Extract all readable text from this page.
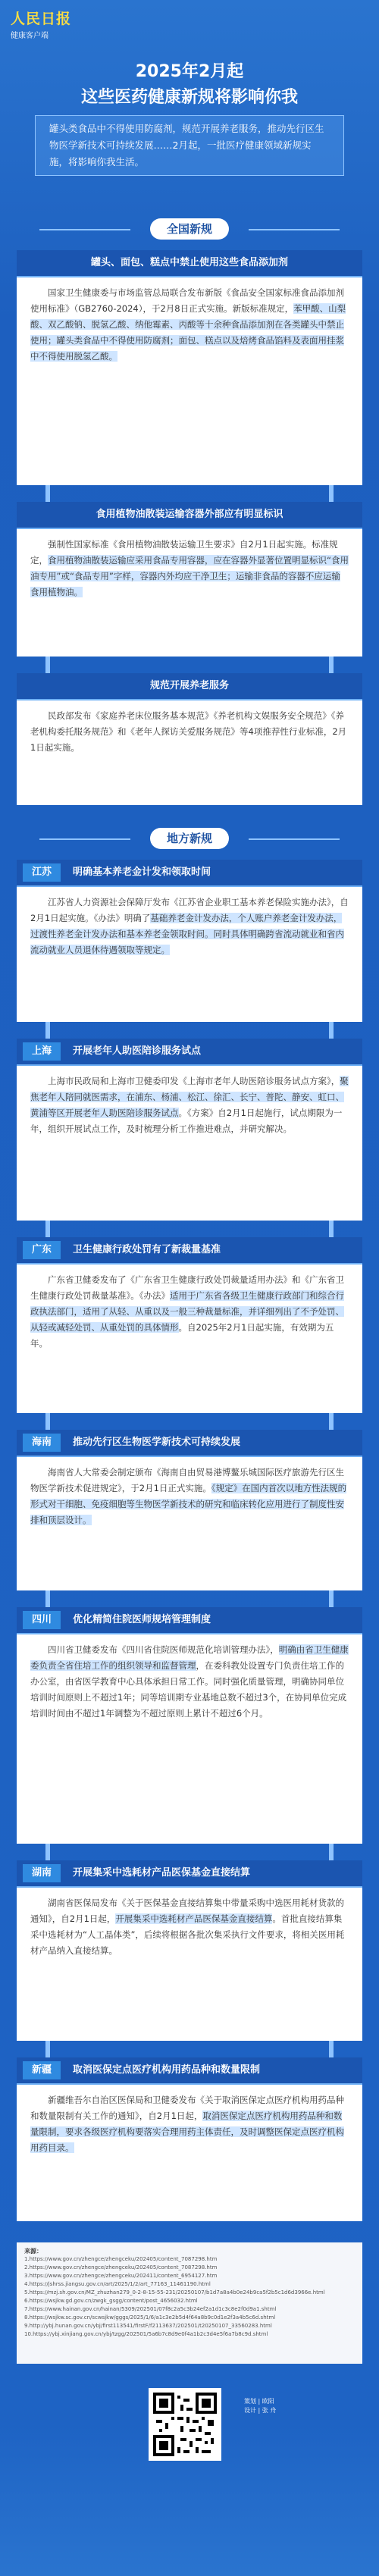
人民日报
健康客户端
2025年2月起
这些医药健康新规将影响你我
罐头类食品中不得使用防腐剂，规范开展养老服务，推动先行区生物医学新技术可持续发展……2月起，一批医疗健康领域新规实施，将影响你我生活。
全国新规
罐头、面包、糕点中禁止使用这些食品添加剂
国家卫生健康委与市场监管总局联合发布新版《食品安全国家标准食品添加剂使用标准》（GB2760-2024），于2月8日正式实施。新版标准规定，苯甲酸、山梨酸、双乙酸钠、脱氢乙酸、纳他霉素、丙酸等十余种食品添加剂在各类罐头中禁止使用；罐头类食品中不得使用防腐剂；面包、糕点以及焙烤食品馅料及表面用挂浆中不得使用脱氢乙酸。
食用植物油散装运输容器外部应有明显标识
强制性国家标准《食用植物油散装运输卫生要求》自2月1日起实施。标准规定，食用植物油散装运输应采用食品专用容器，应在容器外显著位置明显标识“食用油专用”或“食品专用”字样，容器内外均应干净卫生；运输非食品的容器不应运输食用植物油。
规范开展养老服务
民政部发布《家庭养老床位服务基本规范》《养老机构文娱服务安全规范》《养老机构委托服务规范》和《老年人探访关爱服务规范》等4项推荐性行业标准，2月1日起实施。
地方新规
江苏	明确基本养老金计发和领取时间
江苏省人力资源社会保障厅发布《江苏省企业职工基本养老保险实施办法》，自2月1日起实施。《办法》明确了基础养老金计发办法，个人账户养老金计发办法，过渡性养老金计发办法和基本养老金领取时间。同时具体明确跨省流动就业和省内流动就业人员退休待遇领取等规定。
上海	开展老年人助医陪诊服务试点
上海市民政局和上海市卫健委印发《上海市老年人助医陪诊服务试点方案》，聚焦老年人陪同就医需求，在浦东、杨浦、松江、徐汇、长宁、普陀、静安、虹口、黄浦等区开展老年人助医陪诊服务试点。《方案》自2月1日起施行，试点期限为一年，组织开展试点工作，及时梳理分析工作推进难点，并研究解决。
广东	卫生健康行政处罚有了新裁量基准
广东省卫健委发布了《广东省卫生健康行政处罚裁量适用办法》和《广东省卫生健康行政处罚裁量基准》。《办法》适用于广东省各级卫生健康行政部门和综合行政执法部门，适用了从轻、从重以及一般三种裁量标准，并详细列出了不予处罚、从轻或减轻处罚、从重处罚的具体情形。自2025年2月1日起实施，有效期为五年。
海南	推动先行区生物医学新技术可持续发展
海南省人大常委会制定颁布《海南自由贸易港博鳌乐城国际医疗旅游先行区生物医学新技术促进规定》，于2月1日正式实施。《规定》在国内首次以地方性法规的形式对干细胞、免疫细胞等生物医学新技术的研究和临床转化应用进行了制度性安排和顶层设计。
四川	优化精简住院医师规培管理制度
四川省卫健委发布《四川省住院医师规范化培训管理办法》，明确由省卫生健康委负责全省住培工作的组织领导和监督管理，在委科教处设置专门负责住培工作的办公室，由省医学教育中心具体承担日常工作。同时强化质量管理，明确协同单位培训时间原则上不超过1年；同等培训期专业基地总数不超过3个，在协同单位完成培训时间由不超过1年调整为不超过原则上累计不超过6个月。
湖南	开展集采中选耗材产品医保基金直接结算
湖南省医保局发布《关于医保基金直接结算集中带量采购中选医用耗材货款的通知》，自2月1日起，开展集采中选耗材产品医保基金直接结算。首批直接结算集采中选耗材为“人工晶体类”，后续将根据各批次集采执行文件要求，将相关医用耗材产品纳入直接结算。
新疆	取消医保定点医疗机构用药品种和数量限制
新疆维吾尔自治区医保局和卫健委发布《关于取消医保定点医疗机构用药品种和数量限制有关工作的通知》，自2月1日起，取消医保定点医疗机构用药品种和数量限制，要求各级医疗机构要落实合理用药主体责任，及时调整医保定点医疗机构用药目录。
来源：
1.https://www.gov.cn/zhengce/zhengceku/202405/content_7087298.htm
2.https://www.gov.cn/zhengce/zhengceku/202405/content_7087298.htm
3.https://www.gov.cn/zhengce/zhengceku/202411/content_6954127.htm
4.https://jshrss.jiangsu.gov.cn/art/2025/1/2/art_77163_11461190.html
5.https://mzj.sh.gov.cn/MZ_zhuzhan279_0-2-8-15-55-231/20250107/b1d7a8a4b0e24b9ca5f2b5c1d6d3966e.html
6.https://wsjkw.gd.gov.cn/zwgk_gsgg/content/post_4656032.html
7.https://www.hainan.gov.cn/hainan/5309/202501/07f8c2a5c3b24ef2a1d1c3c8e2f0d9a1.shtml
8.https://wsjkw.sc.gov.cn/scwsjkw/gggs/2025/1/6/a1c3e2b5d4f64a8b9c0d1e2f3a4b5c6d.shtml
9.http://ybj.hunan.gov.cn/ybj/first113541/firstF/f2113637/202501/t20250107_33560283.html
10.https://ybj.xinjiang.gov.cn/ybj/tzgg/202501/5a6b7c8d9e0f4a1b2c3d4e5f6a7b8c9d.shtml
策划 | 欧阳
设计 | 张 舟
